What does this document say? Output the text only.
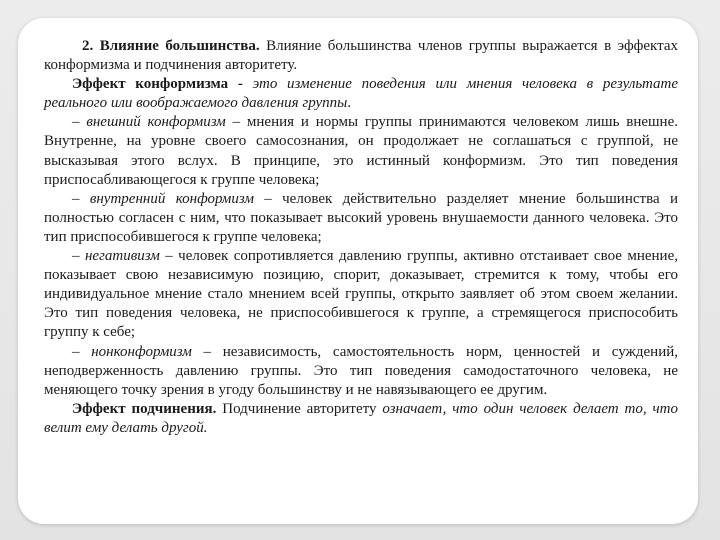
2. Влияние большинства. Влияние большинства членов группы выражается в эффектах конформизма и подчинения авторитету.

Эффект конформизма - это изменение поведения или мнения человека в результате реального или воображаемого давления группы.

– внешний конформизм – мнения и нормы группы принимаются человеком лишь внешне. Внутренне, на уровне своего самосознания, он продолжает не соглашаться с группой, не высказывая этого вслух. В принципе, это истинный конформизм. Это тип поведения приспосабливающегося к группе человека;

– внутренний конформизм – человек действительно разделяет мнение большинства и полностью согласен с ним, что показывает высокий уровень внушаемости данного человека. Это тип приспособившегося к группе человека;

– негативизм – человек сопротивляется давлению группы, активно отстаивает свое мнение, показывает свою независимую позицию, спорит, доказывает, стремится к тому, чтобы его индивидуальное мнение стало мнением всей группы, открыто заявляет об этом своем желании. Это тип поведения человека, не приспособившегося к группе, а стремящегося приспособить группу к себе;

– нонконформизм – независимость, самостоятельность норм, ценностей и суждений, неподверженность давлению группы. Это тип поведения самодостаточного человека, не меняющего точку зрения в угоду большинству и не навязывающего ее другим.

Эффект подчинения. Подчинение авторитету означает, что один человек делает то, что велит ему делать другой.
